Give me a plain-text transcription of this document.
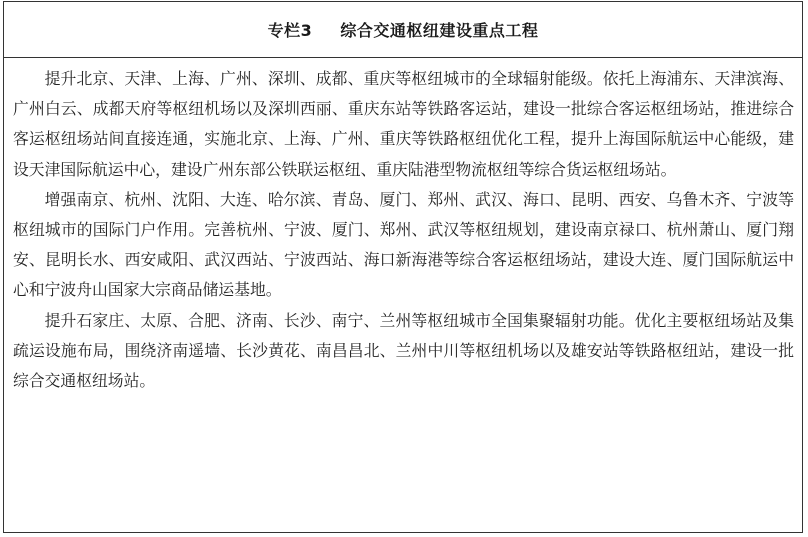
专栏3 综合交通枢纽建设重点工程

提升北京、天津、上海、广州、深圳、成都、重庆等枢纽城市的全球辐射能级。依托上海浦东、天津滨海、广州白云、成都天府等枢纽机场以及深圳西丽、重庆东站等铁路客运站，建设一批综合客运枢纽场站，推进综合客运枢纽场站间直接连通，实施北京、上海、广州、重庆等铁路枢纽优化工程，提升上海国际航运中心能级，建设天津国际航运中心，建设广州东部公铁联运枢纽、重庆陆港型物流枢纽等综合货运枢纽场站。

增强南京、杭州、沈阳、大连、哈尔滨、青岛、厦门、郑州、武汉、海口、昆明、西安、乌鲁木齐、宁波等枢纽城市的国际门户作用。完善杭州、宁波、厦门、郑州、武汉等枢纽规划，建设南京禄口、杭州萧山、厦门翔安、昆明长水、西安咸阳、武汉西站、宁波西站、海口新海港等综合客运枢纽场站，建设大连、厦门国际航运中心和宁波舟山国家大宗商品储运基地。

提升石家庄、太原、合肥、济南、长沙、南宁、兰州等枢纽城市全国集聚辐射功能。优化主要枢纽场站及集疏运设施布局，围绕济南遥墙、长沙黄花、南昌昌北、兰州中川等枢纽机场以及雄安站等铁路枢纽站，建设一批综合交通枢纽场站。
